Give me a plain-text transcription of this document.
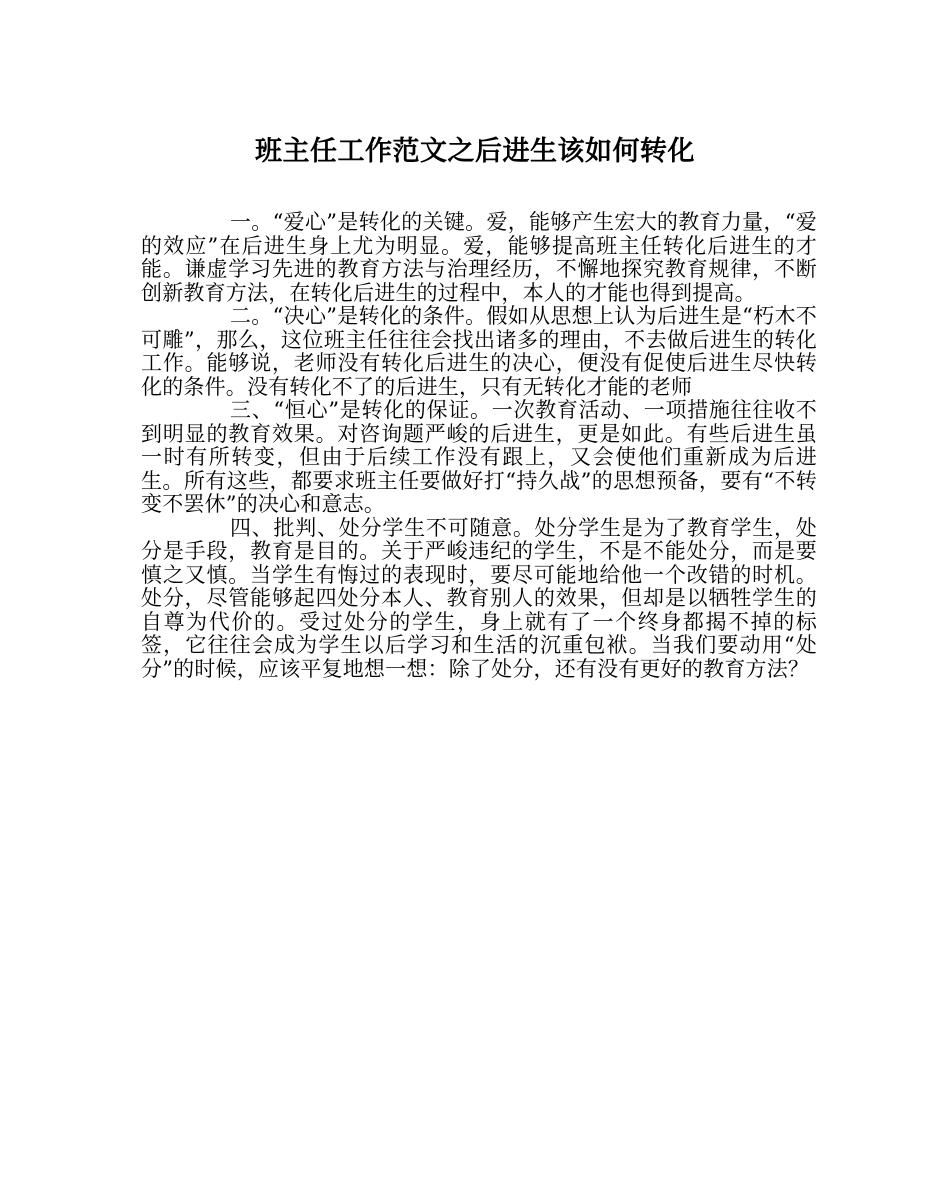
班主任工作范文之后进生该如何转化

一。“爱心”是转化的关键。爱，能够产生宏大的教育力量，“爱的效应”在后进生身上尤为明显。爱，能够提高班主任转化后进生的才能。谦虚学习先进的教育方法与治理经历，不懈地探究教育规律，不断创新教育方法，在转化后进生的过程中，本人的才能也得到提高。

二。“决心”是转化的条件。假如从思想上认为后进生是“朽木不可雕”，那么，这位班主任往往会找出诸多的理由，不去做后进生的转化工作。能够说，老师没有转化后进生的决心，便没有促使后进生尽快转化的条件。没有转化不了的后进生，只有无转化才能的老师

三、“恒心”是转化的保证。一次教育活动、一项措施往往收不到明显的教育效果。对咨询题严峻的后进生，更是如此。有些后进生虽一时有所转变，但由于后续工作没有跟上，又会使他们重新成为后进生。所有这些，都要求班主任要做好打“持久战”的思想预备，要有“不转变不罢休”的决心和意志。

四、批判、处分学生不可随意。处分学生是为了教育学生，处分是手段，教育是目的。关于严峻违纪的学生，不是不能处分，而是要慎之又慎。当学生有悔过的表现时，要尽可能地给他一个改错的时机。处分，尽管能够起四处分本人、教育别人的效果，但却是以牺牲学生的自尊为代价的。受过处分的学生，身上就有了一个终身都揭不掉的标签，它往往会成为学生以后学习和生活的沉重包袱。当我们要动用“处分”的时候，应该平复地想一想：除了处分，还有没有更好的教育方法？
